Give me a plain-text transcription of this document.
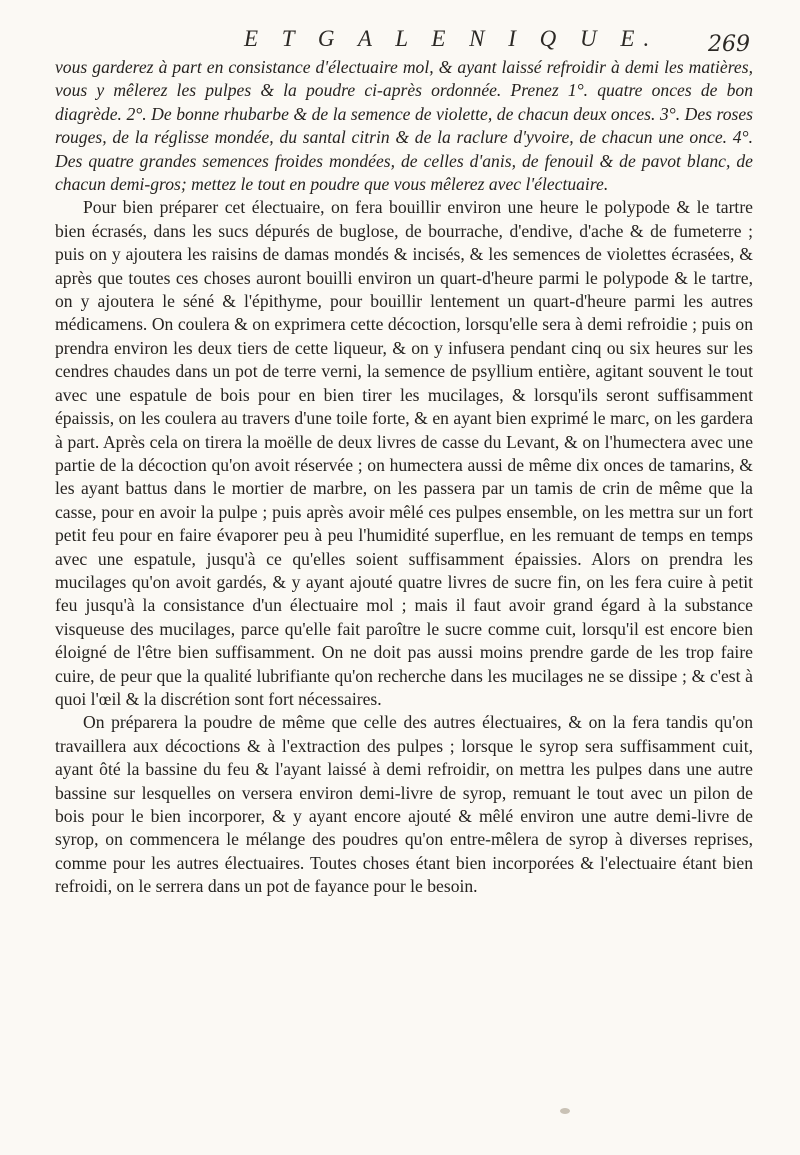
E T G A L E N I Q U E. 269

vous garderez à part en consistance d'électuaire mol, & ayant laissé refroidir à demi les matières, vous y mêlerez les pulpes & la poudre ci-après ordonnée. Prenez 1°. quatre onces de bon diagrède. 2°. De bonne rhubarbe & de la semence de violette, de chacun deux onces. 3°. Des roses rouges, de la réglisse mondée, du santal citrin & de la raclure d'yvoire, de chacun une once. 4°. Des quatre grandes semences froides mondées, de celles d'anis, de fenouil & de pavot blanc, de chacun demi-gros; mettez le tout en poudre que vous mêlerez avec l'électuaire.

Pour bien préparer cet électuaire, on fera bouillir environ une heure le polypode & le tartre bien écrasés, dans les sucs dépurés de buglose, de bourrache, d'endive, d'ache & de fumeterre ; puis on y ajoutera les raisins de damas mondés & incisés, & les semences de violettes écrasées, & après que toutes ces choses auront bouilli environ un quart-d'heure parmi le polypode & le tartre, on y ajoutera le séné & l'épithyme, pour bouillir lentement un quart-d'heure parmi les autres médicamens. On coulera & on exprimera cette décoction, lorsqu'elle sera à demi refroidie ; puis on prendra environ les deux tiers de cette liqueur, & on y infusera pendant cinq ou six heures sur les cendres chaudes dans un pot de terre verni, la semence de psyllium entière, agitant souvent le tout avec une espatule de bois pour en bien tirer les mucilages, & lorsqu'ils seront suffisamment épaissis, on les coulera au travers d'une toile forte, & en ayant bien exprimé le marc, on les gardera à part. Après cela on tirera la moëlle de deux livres de casse du Levant, & on l'humectera avec une partie de la décoction qu'on avoit réservée ; on humectera aussi de même dix onces de tamarins, & les ayant battus dans le mortier de marbre, on les passera par un tamis de crin de même que la casse, pour en avoir la pulpe ; puis après avoir mêlé ces pulpes ensemble, on les mettra sur un fort petit feu pour en faire évaporer peu à peu l'humidité superflue, en les remuant de temps en temps avec une espatule, jusqu'à ce qu'elles soient suffisamment épaissies. Alors on prendra les mucilages qu'on avoit gardés, & y ayant ajouté quatre livres de sucre fin, on les fera cuire à petit feu jusqu'à la consistance d'un électuaire mol ; mais il faut avoir grand égard à la substance visqueuse des mucilages, parce qu'elle fait paroître le sucre comme cuit, lorsqu'il est encore bien éloigné de l'être bien suffisamment. On ne doit pas aussi moins prendre garde de les trop faire cuire, de peur que la qualité lubrifiante qu'on recherche dans les mucilages ne se dissipe ; & c'est à quoi l'œil & la discrétion sont fort nécessaires.

On préparera la poudre de même que celle des autres électuaires, & on la fera tandis qu'on travaillera aux décoctions & à l'extraction des pulpes ; lorsque le syrop sera suffisamment cuit, ayant ôté la bassine du feu & l'ayant laissé à demi refroidir, on mettra les pulpes dans une autre bassine sur lesquelles on versera environ demi-livre de syrop, remuant le tout avec un pilon de bois pour le bien incorporer, & y ayant encore ajouté & mêlé environ une autre demi-livre de syrop, on commencera le mélange des poudres qu'on entre-mêlera de syrop à diverses reprises, comme pour les autres électuaires. Toutes choses étant bien incorporées & l'electuaire étant bien refroidi, on le serrera dans un pot de fayance pour le besoin.
